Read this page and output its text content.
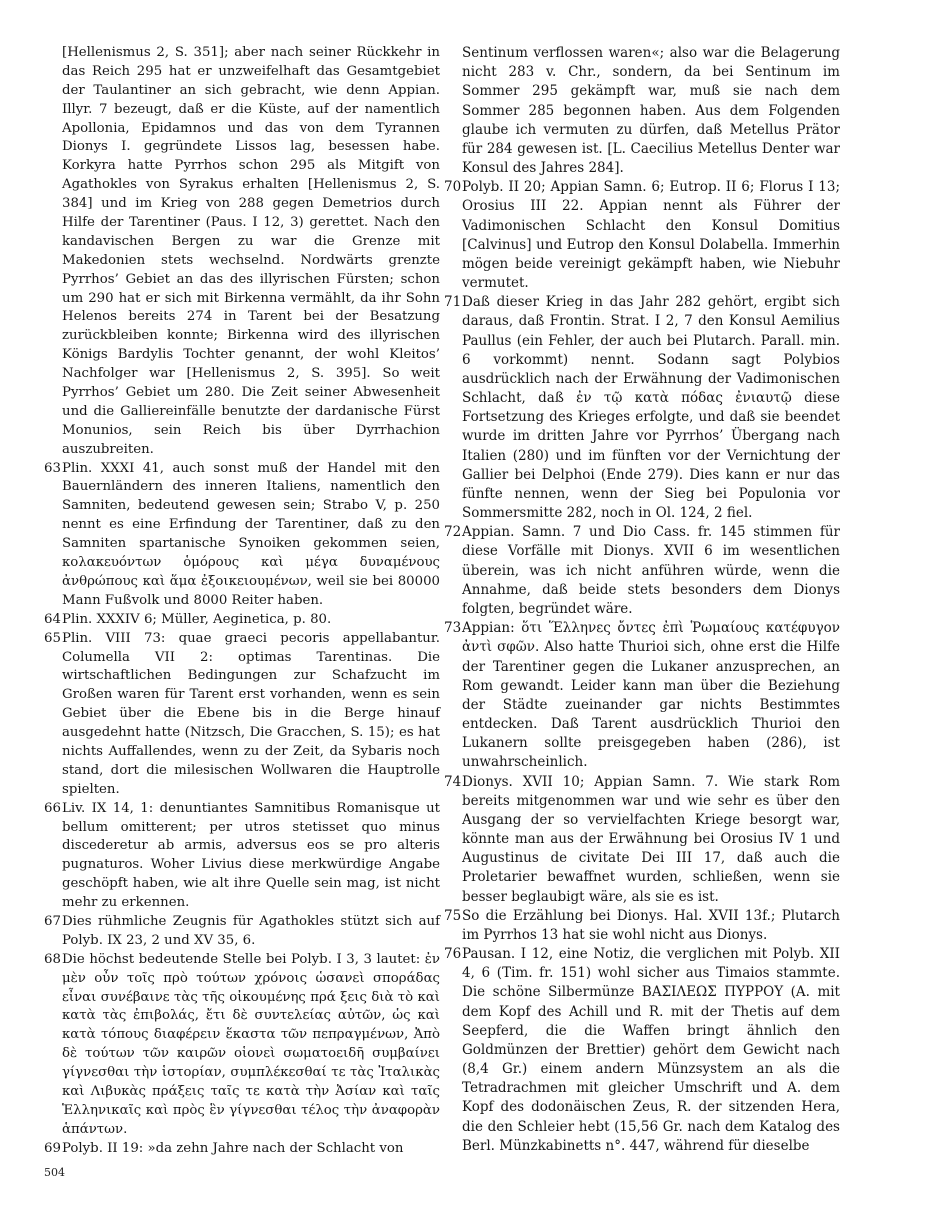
[Hellenismus 2, S. 351]; aber nach seiner Rückkehr in das Reich 295 hat er unzweifelhaft das Gesamtgebiet der Taulantiner an sich gebracht, wie denn Appian. Illyr. 7 bezeugt, daß er die Küste, auf der namentlich Apollonia, Epidamnos und das von dem Tyrannen Dionys I. gegründete Lissos lag, besessen habe. Korkyra hatte Pyrrhos schon 295 als Mitgift von Agathokles von Syrakus erhalten [Hellenismus 2, S. 384] und im Krieg von 288 gegen Demetrios durch Hilfe der Tarentiner (Paus. I 12, 3) gerettet. Nach den kandavischen Bergen zu war die Grenze mit Makedonien stets wechselnd. Nordwärts grenzte Pyrrhos’ Gebiet an das des illyrischen Fürsten; schon um 290 hat er sich mit Birkenna vermählt, da ihr Sohn Helenos bereits 274 in Tarent bei der Besatzung zurückbleiben konnte; Birkenna wird des illyrischen Königs Bardylis Tochter genannt, der wohl Kleitos’ Nachfolger war [Hellenismus 2, S. 395]. So weit Pyrrhos’ Gebiet um 280. Die Zeit seiner Abwesenheit und die Galliereinfälle benutzte der dardanische Fürst Monunios, sein Reich bis über Dyrrhachion auszubreiten.

63Plin. XXXI 41, auch sonst muß der Handel mit den Bauernländern des inneren Italiens, namentlich den Samniten, bedeutend gewesen sein; Strabo V, p. 250 nennt es eine Erfindung der Tarentiner, daß zu den Samniten spartanische Synoiken gekommen seien, κολακευόντων ὁμόρους καὶ μέγα δυναμένους ἀνθρώπους καὶ ἅμα ἐξοικειουμένων, weil sie bei 80000 Mann Fußvolk und 8000 Reiter haben.

64Plin. XXXIV 6; Müller, Aeginetica, p. 80.

65Plin. VIII 73: quae graeci pecoris appellabantur. Columella VII 2: optimas Tarentinas. Die wirtschaftlichen Bedingungen zur Schafzucht im Großen waren für Tarent erst vorhanden, wenn es sein Gebiet über die Ebene bis in die Berge hinauf ausgedehnt hatte (Nitzsch, Die Gracchen, S. 15); es hat nichts Auffallendes, wenn zu der Zeit, da Sybaris noch stand, dort die milesischen Wollwaren die Hauptrolle spielten.

66Liv. IX 14, 1: denuntiantes Samnitibus Romanisque ut bellum omitterent; per utros stetisset quo minus discederetur ab armis, adversus eos se pro alteris pugnaturos. Woher Livius diese merkwürdige Angabe geschöpft haben, wie alt ihre Quelle sein mag, ist nicht mehr zu erkennen.

67Dies rühmliche Zeugnis für Agathokles stützt sich auf Polyb. IX 23, 2 und XV 35, 6.

68Die höchst bedeutende Stelle bei Polyb. I 3, 3 lautet: ἐν μὲν οὖν τοῖς πρὸ τούτων χρόνοις ὡσανεὶ σποράδας εἶναι συνέβαινε τὰς τῆς οἰκουμένης πρά ξεις διὰ τὸ καὶ κατὰ τὰς ἐπιβολάς, ἔτι δὲ συντελείας αὐτῶν, ὡς καὶ κατὰ τόπους διαφέρειν ἕκαστα τῶν πεπραγμένων, Ἀπὸ δὲ τούτων τῶν καιρῶν οἱονεὶ σωματοειδῆ συμβαίνει γίγνεσθαι τὴν ἱστορίαν, συμπλέκεσθαί τε τὰς Ἰταλικὰς καὶ Λιβυκὰς πράξεις ταῖς τε κατὰ τὴν Ἀσίαν καὶ ταῖς Ἑλληνικαῖς καὶ πρὸς ἓν γίγνεσθαι τέλος τὴν ἀναφορὰν ἁπάντων.

69Polyb. II 19: »da zehn Jahre nach der Schlacht von

Sentinum verflossen waren«; also war die Belagerung nicht 283 v. Chr., sondern, da bei Sentinum im Sommer 295 gekämpft war, muß sie nach dem Sommer 285 begonnen haben. Aus dem Folgenden glaube ich vermuten zu dürfen, daß Metellus Prätor für 284 gewesen ist. [L. Caecilius Metellus Denter war Konsul des Jahres 284].

70Polyb. II 20; Appian Samn. 6; Eutrop. II 6; Florus I 13; Orosius III 22. Appian nennt als Führer der Vadimonischen Schlacht den Konsul Domitius [Calvinus] und Eutrop den Konsul Dolabella. Immerhin mögen beide vereinigt gekämpft haben, wie Niebuhr vermutet.

71Daß dieser Krieg in das Jahr 282 gehört, ergibt sich daraus, daß Frontin. Strat. I 2, 7 den Konsul Aemilius Paullus (ein Fehler, der auch bei Plutarch. Parall. min. 6 vorkommt) nennt. Sodann sagt Polybios ausdrücklich nach der Erwähnung der Vadimonischen Schlacht, daß ἐν τῷ κατὰ πόδας ἐνιαυτῷ diese Fortsetzung des Krieges erfolgte, und daß sie beendet wurde im dritten Jahre vor Pyrrhos’ Übergang nach Italien (280) und im fünften vor der Vernichtung der Gallier bei Delphoi (Ende 279). Dies kann er nur das fünfte nennen, wenn der Sieg bei Populonia vor Sommersmitte 282, noch in Ol. 124, 2 fiel.

72Appian. Samn. 7 und Dio Cass. fr. 145 stimmen für diese Vorfälle mit Dionys. XVII 6 im wesentlichen überein, was ich nicht anführen würde, wenn die Annahme, daß beide stets besonders dem Dionys folgten, begründet wäre.

73Appian: ὅτι Ἕλληνες ὄντες ἐπὶ Ῥωμαίους κατέφυγον ἀντὶ σφῶν. Also hatte Thurioi sich, ohne erst die Hilfe der Tarentiner gegen die Lukaner anzusprechen, an Rom gewandt. Leider kann man über die Beziehung der Städte zueinander gar nichts Bestimmtes entdecken. Daß Tarent ausdrücklich Thurioi den Lukanern sollte preisgegeben haben (286), ist unwahrscheinlich.

74Dionys. XVII 10; Appian Samn. 7. Wie stark Rom bereits mitgenommen war und wie sehr es über den Ausgang der so vervielfachten Kriege besorgt war, könnte man aus der Erwähnung bei Orosius IV 1 und Augustinus de civitate Dei III 17, daß auch die Proletarier bewaffnet wurden, schließen, wenn sie besser beglaubigt wäre, als sie es ist.

75So die Erzählung bei Dionys. Hal. XVII 13f.; Plutarch im Pyrrhos 13 hat sie wohl nicht aus Dionys.

76Pausan. I 12, eine Notiz, die verglichen mit Polyb. XII 4, 6 (Tim. fr. 151) wohl sicher aus Timaios stammte. Die schöne Silbermünze ΒΑΣΙΛΕΩΣ ΠΥΡΡΟΥ (A. mit dem Kopf des Achill und R. mit der Thetis auf dem Seepferd, die die Waffen bringt ähnlich den Goldmünzen der Brettier) gehört dem Gewicht nach (8,4 Gr.) einem andern Münzsystem an als die Tetradrachmen mit gleicher Umschrift und A. dem Kopf des dodonäischen Zeus, R. der sitzenden Hera, die den Schleier hebt (15,56 Gr. nach dem Katalog des Berl. Münzkabinetts n°. 447, während für dieselbe

504
